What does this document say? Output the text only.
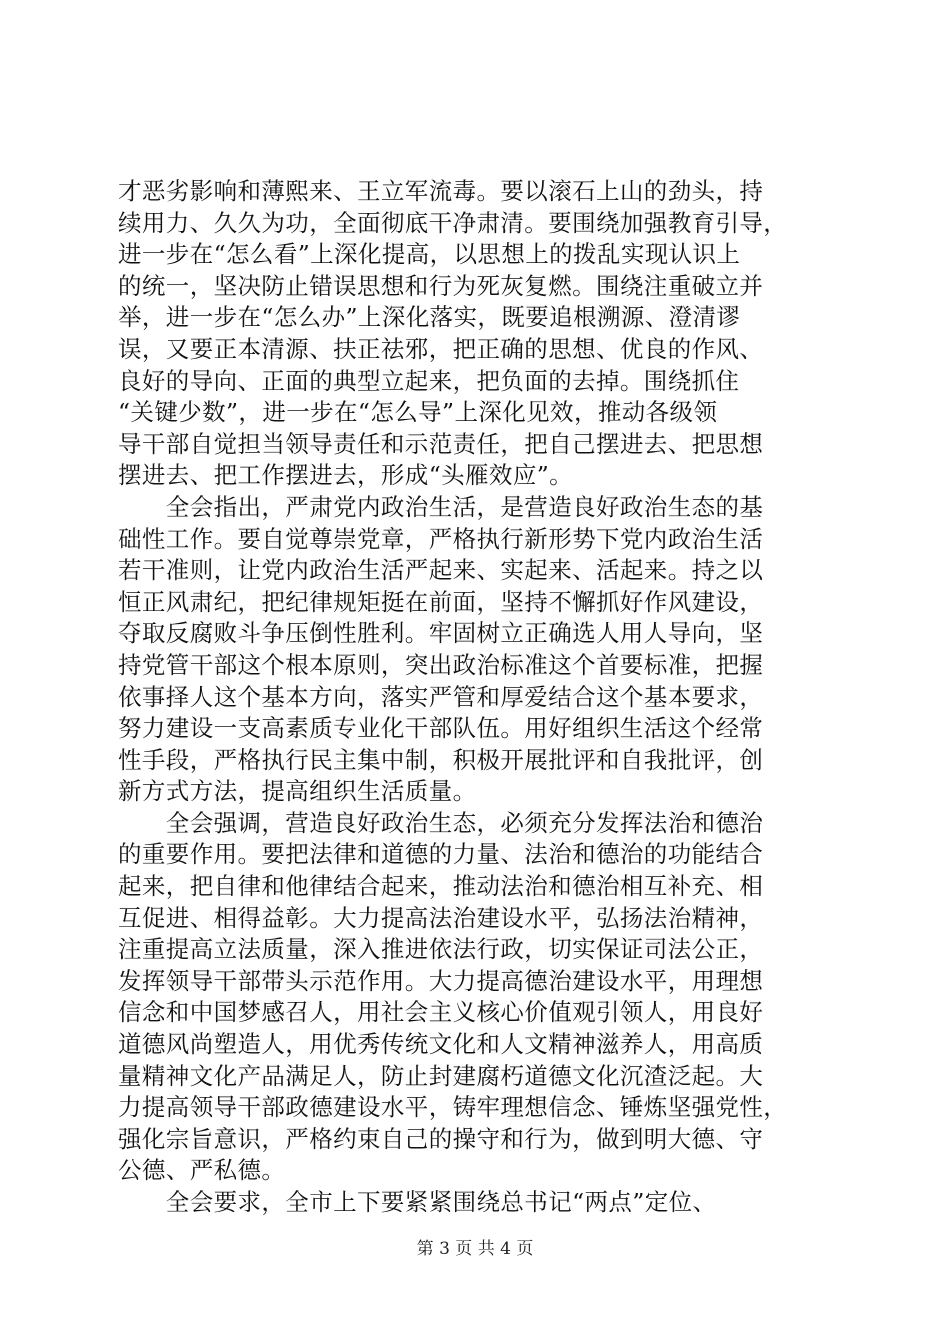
才恶劣影响和薄熙来、王立军流毒。要以滚石上山的劲头，持
续用力、久久为功，全面彻底干净肃清。要围绕加强教育引导，
进一步在“怎么看”上深化提高，以思想上的拨乱实现认识上
的统一，坚决防止错误思想和行为死灰复燃。围绕注重破立并
举，进一步在“怎么办”上深化落实，既要追根溯源、澄清谬
误，又要正本清源、扶正祛邪，把正确的思想、优良的作风、
良好的导向、正面的典型立起来，把负面的去掉。围绕抓住
“关键少数”，进一步在“怎么导”上深化见效，推动各级领
导干部自觉担当领导责任和示范责任，把自己摆进去、把思想
摆进去、把工作摆进去，形成“头雁效应”。
　　全会指出，严肃党内政治生活，是营造良好政治生态的基
础性工作。要自觉尊崇党章，严格执行新形势下党内政治生活
若干准则，让党内政治生活严起来、实起来、活起来。持之以
恒正风肃纪，把纪律规矩挺在前面，坚持不懈抓好作风建设，
夺取反腐败斗争压倒性胜利。牢固树立正确选人用人导向，坚
持党管干部这个根本原则，突出政治标准这个首要标准，把握
依事择人这个基本方向，落实严管和厚爱结合这个基本要求，
努力建设一支高素质专业化干部队伍。用好组织生活这个经常
性手段，严格执行民主集中制，积极开展批评和自我批评，创
新方式方法，提高组织生活质量。
　　全会强调，营造良好政治生态，必须充分发挥法治和德治
的重要作用。要把法律和道德的力量、法治和德治的功能结合
起来，把自律和他律结合起来，推动法治和德治相互补充、相
互促进、相得益彰。大力提高法治建设水平，弘扬法治精神，
注重提高立法质量，深入推进依法行政，切实保证司法公正，
发挥领导干部带头示范作用。大力提高德治建设水平，用理想
信念和中国梦感召人，用社会主义核心价值观引领人，用良好
道德风尚塑造人，用优秀传统文化和人文精神滋养人，用高质
量精神文化产品满足人，防止封建腐朽道德文化沉渣泛起。大
力提高领导干部政德建设水平，铸牢理想信念、锤炼坚强党性，
强化宗旨意识，严格约束自己的操守和行为，做到明大德、守
公德、严私德。
　　全会要求，全市上下要紧紧围绕总书记“两点”定位、
第 3 页 共 4 页
